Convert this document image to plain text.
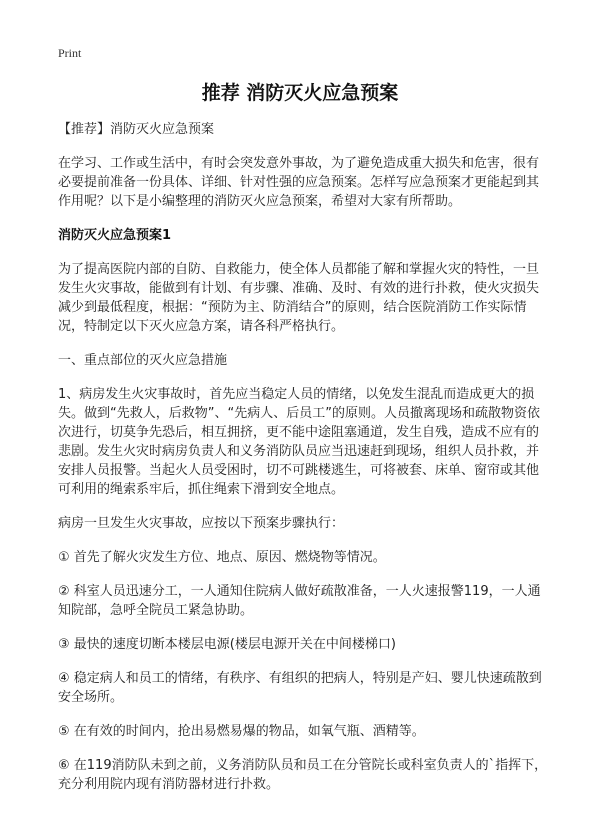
Print
推荐 消防灭火应急预案

【推荐】消防灭火应急预案

在学习、工作或生活中，有时会突发意外事故，为了避免造成重大损失和危害，很有必要提前准备一份具体、详细、针对性强的应急预案。怎样写应急预案才更能起到其作用呢？以下是小编整理的消防灭火应急预案，希望对大家有所帮助。

消防灭火应急预案1

为了提高医院内部的自防、自救能力，使全体人员都能了解和掌握火灾的特性，一旦发生火灾事故，能做到有计划、有步骤、准确、及时、有效的进行扑救，使火灾损失减少到最低程度，根据：“预防为主、防消结合”的原则，结合医院消防工作实际情况，特制定以下灭火应急方案，请各科严格执行。

一、重点部位的灭火应急措施

1、病房发生火灾事故时，首先应当稳定人员的情绪，以免发生混乱而造成更大的损失。做到“先救人，后救物”、“先病人、后员工”的原则。人员撤离现场和疏散物资依次进行，切莫争先恐后，相互拥挤，更不能中途阻塞通道，发生自残，造成不应有的悲剧。发生火灾时病房负责人和义务消防队员应当迅速赶到现场，组织人员扑救，并安排人员报警。当起火人员受困时，切不可跳楼逃生，可将被套、床单、窗帘或其他可利用的绳索系牢后，抓住绳索下滑到安全地点。

病房一旦发生火灾事故，应按以下预案步骤执行：

① 首先了解火灾发生方位、地点、原因、燃烧物等情况。

② 科室人员迅速分工，一人通知住院病人做好疏散准备，一人火速报警119，一人通知院部，急呼全院员工紧急协助。

③ 最快的速度切断本楼层电源(楼层电源开关在中间楼梯口)

④ 稳定病人和员工的情绪，有秩序、有组织的把病人，特别是产妇、婴儿快速疏散到安全场所。

⑤ 在有效的时间内，抢出易燃易爆的物品，如氧气瓶、酒精等。

⑥ 在119消防队未到之前，义务消防队员和员工在分管院长或科室负责人的`指挥下，充分利用院内现有消防器材进行扑救。
